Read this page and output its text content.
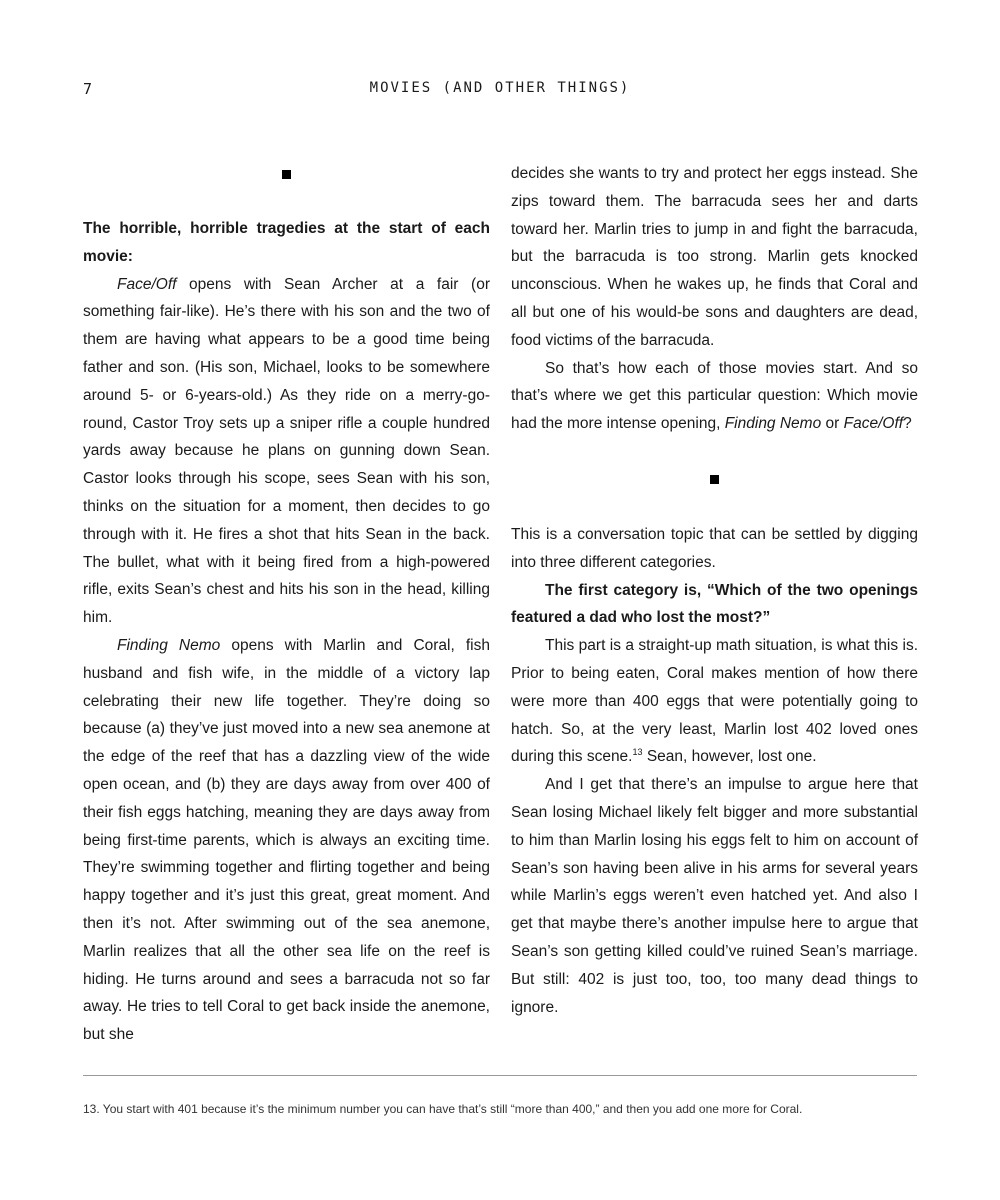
7	MOVIES (AND OTHER THINGS)

The horrible, horrible tragedies at the start of each movie:

Face/Off opens with Sean Archer at a fair (or something fair-like). He’s there with his son and the two of them are having what appears to be a good time being father and son. (His son, Michael, looks to be somewhere around 5- or 6-years-old.) As they ride on a merry-go-round, Castor Troy sets up a sniper rifle a couple hundred yards away because he plans on gunning down Sean. Castor looks through his scope, sees Sean with his son, thinks on the situation for a moment, then decides to go through with it. He fires a shot that hits Sean in the back. The bullet, what with it being fired from a high-powered rifle, exits Sean’s chest and hits his son in the head, killing him.

Finding Nemo opens with Marlin and Coral, fish husband and fish wife, in the middle of a victory lap celebrating their new life together. They’re doing so because (a) they’ve just moved into a new sea anemone at the edge of the reef that has a dazzling view of the wide open ocean, and (b) they are days away from over 400 of their fish eggs hatching, meaning they are days away from being first-time parents, which is always an exciting time. They’re swimming together and flirting together and being happy together and it’s just this great, great moment. And then it’s not. After swimming out of the sea anemone, Marlin realizes that all the other sea life on the reef is hiding. He turns around and sees a barracuda not so far away. He tries to tell Coral to get back inside the anemone, but she

decides she wants to try and protect her eggs instead. She zips toward them. The barracuda sees her and darts toward her. Marlin tries to jump in and fight the barracuda, but the barracuda is too strong. Marlin gets knocked unconscious. When he wakes up, he finds that Coral and all but one of his would-be sons and daughters are dead, food victims of the barracuda.

So that’s how each of those movies start. And so that’s where we get this particular question: Which movie had the more intense opening, Finding Nemo or Face/Off?

This is a conversation topic that can be settled by digging into three different categories.

The first category is, “Which of the two openings featured a dad who lost the most?”

This part is a straight-up math situation, is what this is. Prior to being eaten, Coral makes mention of how there were more than 400 eggs that were potentially going to hatch. So, at the very least, Marlin lost 402 loved ones during this scene.$^{13}$ Sean, however, lost one.

And I get that there’s an impulse to argue here that Sean losing Michael likely felt bigger and more substantial to him than Marlin losing his eggs felt to him on account of Sean’s son having been alive in his arms for several years while Marlin’s eggs weren’t even hatched yet. And also I get that maybe there’s another impulse here to argue that Sean’s son getting killed could’ve ruined Sean’s marriage. But still: 402 is just too, too, too many dead things to ignore.

13. You start with 401 because it’s the minimum number you can have that’s still “more than 400,” and then you add one more for Coral.
